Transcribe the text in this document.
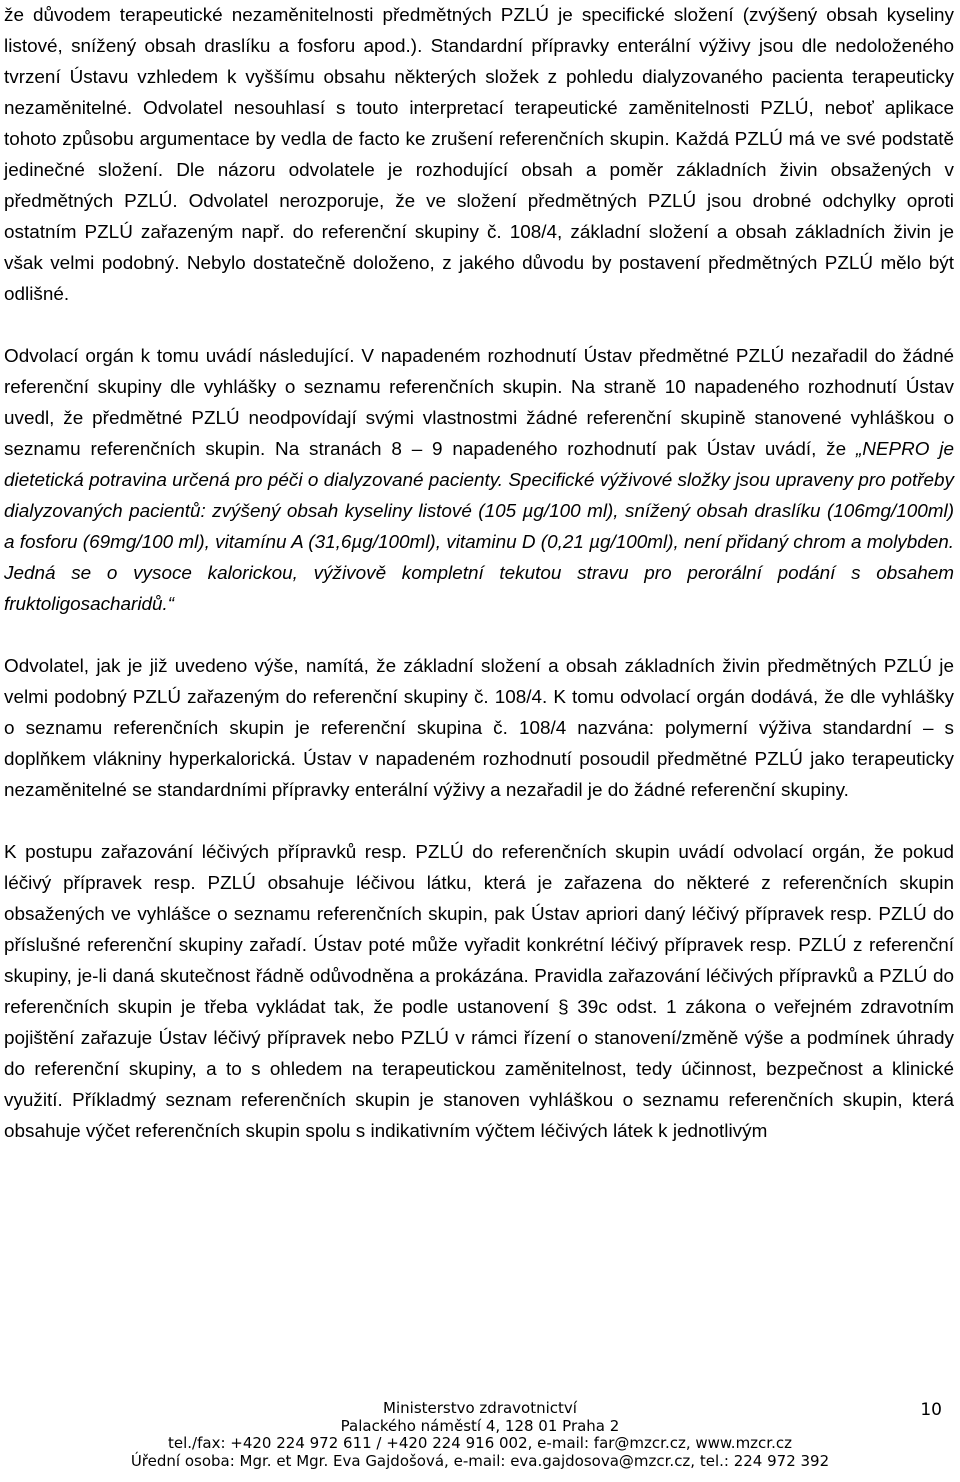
že důvodem terapeutické nezaměnitelnosti předmětných PZLÚ je specifické složení (zvýšený obsah kyseliny listové, snížený obsah draslíku a fosforu apod.). Standardní přípravky enterální výživy jsou dle nedoloženého tvrzení Ústavu vzhledem k vyššímu obsahu některých složek z pohledu dialyzovaného pacienta terapeuticky nezaměnitelné. Odvolatel nesouhlasí s touto interpretací terapeutické zaměnitelnosti PZLÚ, neboť aplikace tohoto způsobu argumentace by vedla de facto ke zrušení referenčních skupin. Každá PZLÚ má ve své podstatě jedinečné složení. Dle názoru odvolatele je rozhodující obsah a poměr základních živin obsažených v předmětných PZLÚ. Odvolatel nerozporuje, že ve složení předmětných PZLÚ jsou drobné odchylky oproti ostatním PZLÚ zařazeným např. do referenční skupiny č. 108/4, základní složení a obsah základních živin je však velmi podobný. Nebylo dostatečně doloženo, z jakého důvodu by postavení předmětných PZLÚ mělo být odlišné.

Odvolací orgán k tomu uvádí následující. V napadeném rozhodnutí Ústav předmětné PZLÚ nezařadil do žádné referenční skupiny dle vyhlášky o seznamu referenčních skupin. Na straně 10 napadeného rozhodnutí Ústav uvedl, že předmětné PZLÚ neodpovídají svými vlastnostmi žádné referenční skupině stanovené vyhláškou o seznamu referenčních skupin. Na stranách 8 – 9 napadeného rozhodnutí pak Ústav uvádí, že „NEPRO je dietetická potravina určená pro péči o dialyzované pacienty. Specifické výživové složky jsou upraveny pro potřeby dialyzovaných pacientů: zvýšený obsah kyseliny listové (105 µg/100 ml), snížený obsah draslíku (106mg/100ml) a fosforu (69mg/100 ml), vitamínu A (31,6µg/100ml), vitaminu D (0,21 µg/100ml), není přidaný chrom a molybden. Jedná se o vysoce kalorickou, výživově kompletní tekutou stravu pro perorální podání s obsahem fruktoligosacharidů.“

Odvolatel, jak je již uvedeno výše, namítá, že základní složení a obsah základních živin předmětných PZLÚ je velmi podobný PZLÚ zařazeným do referenční skupiny č. 108/4. K tomu odvolací orgán dodává, že dle vyhlášky o seznamu referenčních skupin je referenční skupina č. 108/4 nazvána: polymerní výživa standardní – s doplňkem vlákniny hyperkalorická. Ústav v napadeném rozhodnutí posoudil předmětné PZLÚ jako terapeuticky nezaměnitelné se standardními přípravky enterální výživy a nezařadil je do žádné referenční skupiny.

K postupu zařazování léčivých přípravků resp. PZLÚ do referenčních skupin uvádí odvolací orgán, že pokud léčivý přípravek resp. PZLÚ obsahuje léčivou látku, která je zařazena do některé z referenčních skupin obsažených ve vyhlášce o seznamu referenčních skupin, pak Ústav apriori daný léčivý přípravek resp. PZLÚ do příslušné referenční skupiny zařadí. Ústav poté může vyřadit konkrétní léčivý přípravek resp. PZLÚ z referenční skupiny, je-li daná skutečnost řádně odůvodněna a prokázána. Pravidla zařazování léčivých přípravků a PZLÚ do referenčních skupin je třeba vykládat tak, že podle ustanovení § 39c odst. 1 zákona o veřejném zdravotním pojištění zařazuje Ústav léčivý přípravek nebo PZLÚ v rámci řízení o stanovení/změně výše a podmínek úhrady do referenční skupiny, a to s ohledem na terapeutickou zaměnitelnost, tedy účinnost, bezpečnost a klinické využití. Příkladmý seznam referenčních skupin je stanoven vyhláškou o seznamu referenčních skupin, která obsahuje výčet referenčních skupin spolu s indikativním výčtem léčivých látek k jednotlivým

Ministerstvo zdravotnictví
Palackého náměstí 4, 128 01 Praha 2
tel./fax: +420 224 972 611 / +420 224 916 002, e-mail: far@mzcr.cz, www.mzcr.cz
Úřední osoba: Mgr. et Mgr. Eva Gajdošová, e-mail: eva.gajdosova@mzcr.cz, tel.: 224 972 392
10
